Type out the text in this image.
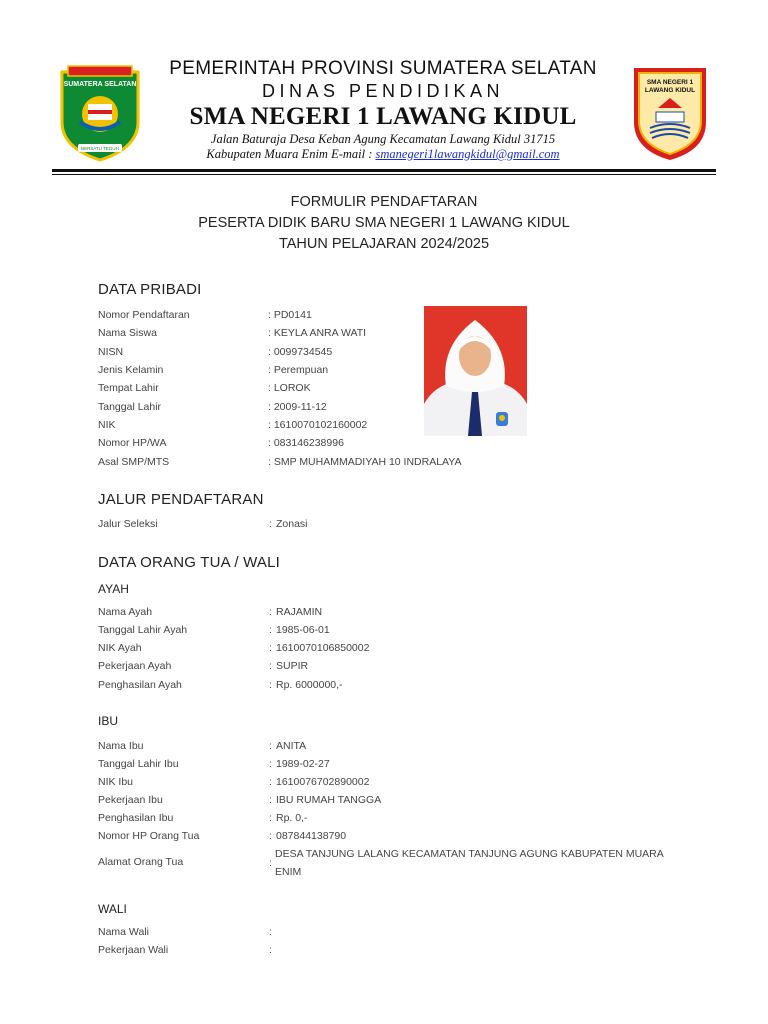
SUMATERA SELATAN
BERSATU TEGUH
PEMERINTAH PROVINSI SUMATERA SELATAN
DINAS PENDIDIKAN
SMA NEGERI 1 LAWANG KIDUL
Jalan Baturaja Desa Keban Agung Kecamatan Lawang Kidul 31715
Kabupaten Muara Enim E-mail : smanegeri1lawangkidul@gmail.com
SMA NEGERI 1
LAWANG KIDUL
FORMULIR PENDAFTARAN
PESERTA DIDIK BARU SMA NEGERI 1 LAWANG KIDUL
TAHUN PELAJARAN 2024/2025
DATA PRIBADI
Nomor Pendaftaran	: PD0141
Nama Siswa	: KEYLA ANRA WATI
NISN	: 0099734545
Jenis Kelamin	: Perempuan
Tempat Lahir	: LOROK
Tanggal Lahir	: 2009-11-12
NIK	: 1610070102160002
Nomor HP/WA	: 083146238996
Asal SMP/MTS	: SMP MUHAMMADIYAH 10 INDRALAYA
JALUR PENDAFTARAN
Jalur Seleksi	: Zonasi
DATA ORANG TUA / WALI
AYAH
Nama Ayah	: RAJAMIN
Tanggal Lahir Ayah	: 1985-06-01
NIK Ayah	: 1610070106850002
Pekerjaan Ayah	: SUPIR
Penghasilan Ayah	: Rp. 6000000,-
IBU
Nama Ibu	: ANITA
Tanggal Lahir Ibu	: 1989-02-27
NIK Ibu	: 1610076702890002
Pekerjaan Ibu	: IBU RUMAH TANGGA
Penghasilan Ibu	: Rp. 0,-
Nomor HP Orang Tua	: 087844138790
Alamat Orang Tua	:
DESA TANJUNG LALANG KECAMATAN TANJUNG AGUNG KABUPATEN MUARA
ENIM
WALI
Nama Wali	:
Pekerjaan Wali	:
